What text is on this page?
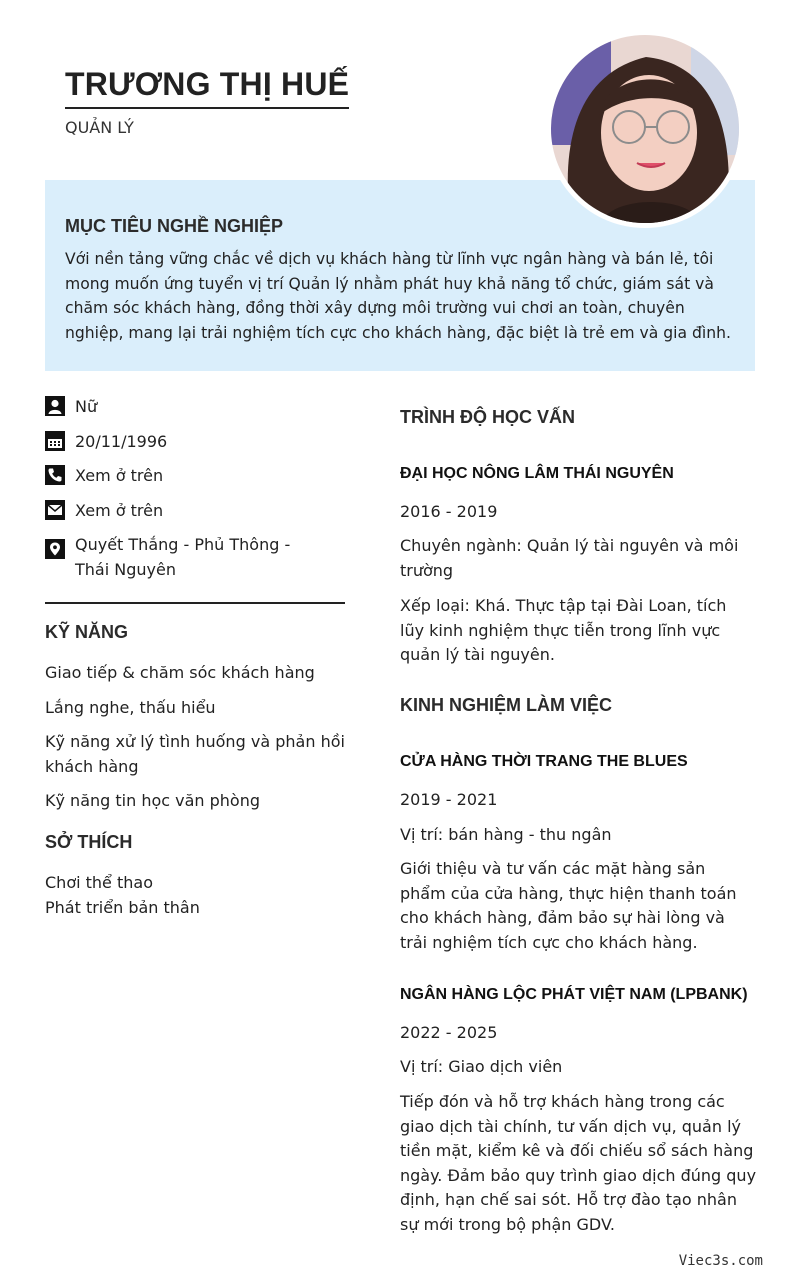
TRƯƠNG THỊ HUẾ
QUẢN LÝ
MỤC TIÊU NGHỀ NGHIỆP

Với nền tảng vững chắc về dịch vụ khách hàng từ lĩnh vực ngân hàng và bán lẻ, tôi mong muốn ứng tuyển vị trí Quản lý nhằm phát huy khả năng tổ chức, giám sát và chăm sóc khách hàng, đồng thời xây dựng môi trường vui chơi an toàn, chuyên nghiệp, mang lại trải nghiệm tích cực cho khách hàng, đặc biệt là trẻ em và gia đình.

Nữ
20/11/1996
Xem ở trên
Xem ở trên
Quyết Thắng - Phủ Thông -
Thái Nguyên
KỸ NĂNG
Giao tiếp & chăm sóc khách hàng
Lắng nghe, thấu hiểu
Kỹ năng xử lý tình huống và phản hồi khách hàng
Kỹ năng tin học văn phòng
SỞ THÍCH
Chơi thể thao
Phát triển bản thân
TRÌNH ĐỘ HỌC VẤN
ĐẠI HỌC NÔNG LÂM THÁI NGUYÊN
2016 - 2019
Chuyên ngành: Quản lý tài nguyên và môi trường
Xếp loại: Khá. Thực tập tại Đài Loan, tích lũy kinh nghiệm thực tiễn trong lĩnh vực quản lý tài nguyên.
KINH NGHIỆM LÀM VIỆC
CỬA HÀNG THỜI TRANG THE BLUES
2019 - 2021
Vị trí: bán hàng - thu ngân
Giới thiệu và tư vấn các mặt hàng sản phẩm của cửa hàng, thực hiện thanh toán cho khách hàng, đảm bảo sự hài lòng và trải nghiệm tích cực cho khách hàng.
NGÂN HÀNG LỘC PHÁT VIỆT NAM (LPBANK)
2022 - 2025
Vị trí: Giao dịch viên
Tiếp đón và hỗ trợ khách hàng trong các giao dịch tài chính, tư vấn dịch vụ, quản lý tiền mặt, kiểm kê và đối chiếu sổ sách hàng ngày. Đảm bảo quy trình giao dịch đúng quy định, hạn chế sai sót. Hỗ trợ đào tạo nhân sự mới trong bộ phận GDV.
Viec3s.com
